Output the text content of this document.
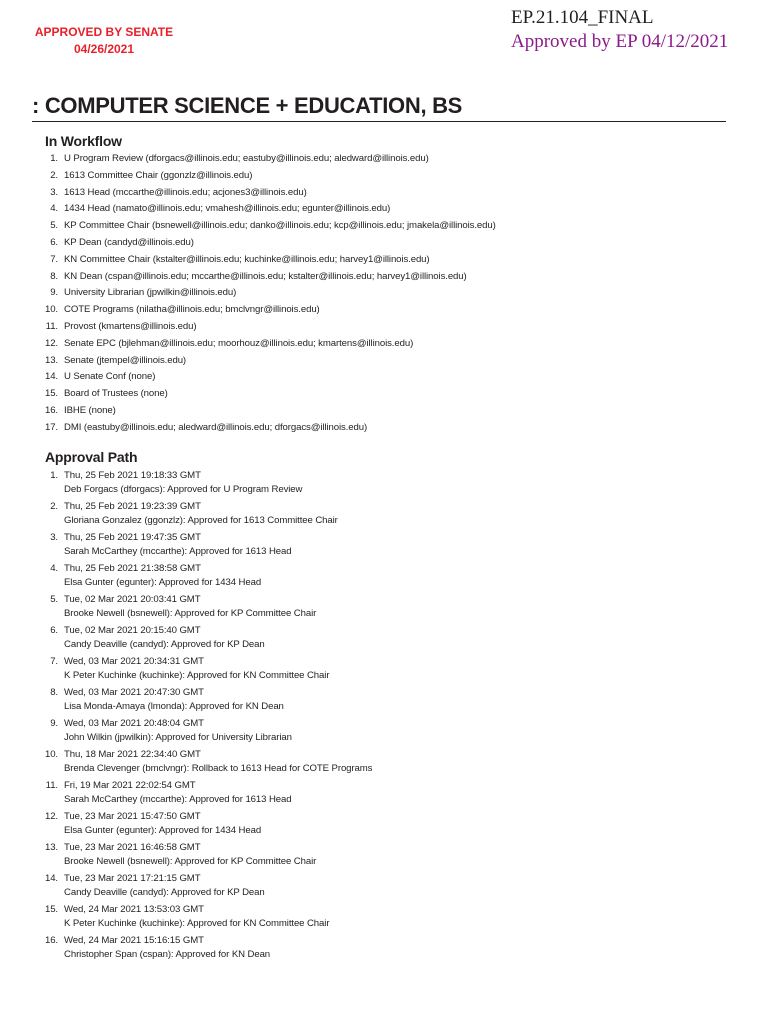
APPROVED BY SENATE
04/26/2021
EP.21.104_FINAL
Approved by EP 04/12/2021
: COMPUTER SCIENCE + EDUCATION, BS
In Workflow
1. U Program Review (dforgacs@illinois.edu; eastuby@illinois.edu; aledward@illinois.edu)
2. 1613 Committee Chair (ggonzlz@illinois.edu)
3. 1613 Head (mccarthe@illinois.edu; acjones3@illinois.edu)
4. 1434 Head (namato@illinois.edu; vmahesh@illinois.edu; egunter@illinois.edu)
5. KP Committee Chair (bsnewell@illinois.edu; danko@illinois.edu; kcp@illinois.edu; jmakela@illinois.edu)
6. KP Dean (candyd@illinois.edu)
7. KN Committee Chair (kstalter@illinois.edu; kuchinke@illinois.edu; harvey1@illinois.edu)
8. KN Dean (cspan@illinois.edu; mccarthe@illinois.edu; kstalter@illinois.edu; harvey1@illinois.edu)
9. University Librarian (jpwilkin@illinois.edu)
10. COTE Programs (nilatha@illinois.edu; bmclvngr@illinois.edu)
11. Provost (kmartens@illinois.edu)
12. Senate EPC (bjlehman@illinois.edu; moorhouz@illinois.edu; kmartens@illinois.edu)
13. Senate (jtempel@illinois.edu)
14. U Senate Conf (none)
15. Board of Trustees (none)
16. IBHE (none)
17. DMI (eastuby@illinois.edu; aledward@illinois.edu; dforgacs@illinois.edu)
Approval Path
1. Thu, 25 Feb 2021 19:18:33 GMT
Deb Forgacs (dforgacs): Approved for U Program Review
2. Thu, 25 Feb 2021 19:23:39 GMT
Gloriana Gonzalez (ggonzlz): Approved for 1613 Committee Chair
3. Thu, 25 Feb 2021 19:47:35 GMT
Sarah McCarthey (mccarthe): Approved for 1613 Head
4. Thu, 25 Feb 2021 21:38:58 GMT
Elsa Gunter (egunter): Approved for 1434 Head
5. Tue, 02 Mar 2021 20:03:41 GMT
Brooke Newell (bsnewell): Approved for KP Committee Chair
6. Tue, 02 Mar 2021 20:15:40 GMT
Candy Deaville (candyd): Approved for KP Dean
7. Wed, 03 Mar 2021 20:34:31 GMT
K Peter Kuchinke (kuchinke): Approved for KN Committee Chair
8. Wed, 03 Mar 2021 20:47:30 GMT
Lisa Monda-Amaya (lmonda): Approved for KN Dean
9. Wed, 03 Mar 2021 20:48:04 GMT
John Wilkin (jpwilkin): Approved for University Librarian
10. Thu, 18 Mar 2021 22:34:40 GMT
Brenda Clevenger (bmclvngr): Rollback to 1613 Head for COTE Programs
11. Fri, 19 Mar 2021 22:02:54 GMT
Sarah McCarthey (mccarthe): Approved for 1613 Head
12. Tue, 23 Mar 2021 15:47:50 GMT
Elsa Gunter (egunter): Approved for 1434 Head
13. Tue, 23 Mar 2021 16:46:58 GMT
Brooke Newell (bsnewell): Approved for KP Committee Chair
14. Tue, 23 Mar 2021 17:21:15 GMT
Candy Deaville (candyd): Approved for KP Dean
15. Wed, 24 Mar 2021 13:53:03 GMT
K Peter Kuchinke (kuchinke): Approved for KN Committee Chair
16. Wed, 24 Mar 2021 15:16:15 GMT
Christopher Span (cspan): Approved for KN Dean
